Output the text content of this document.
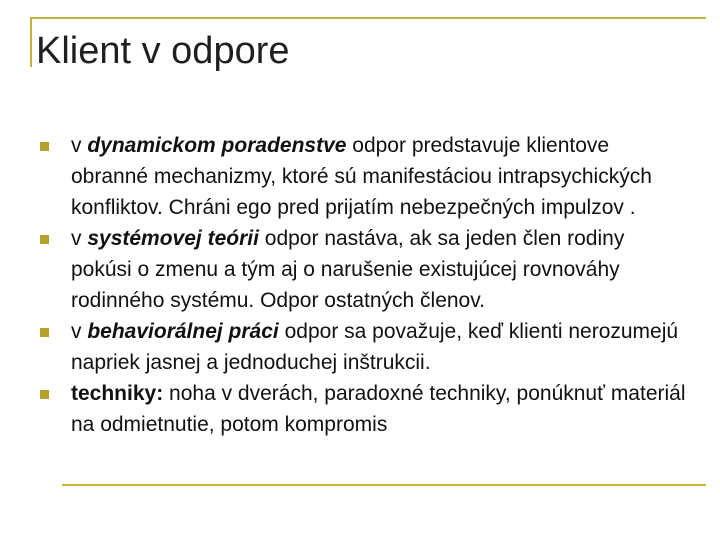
Klient v odpore
v dynamickom poradenstve odpor predstavuje klientove obranné mechanizmy, ktoré sú manifestáciou intrapsychických konfliktov. Chráni ego pred prijatím nebezpečných impulzov .
v systémovej teórii odpor nastáva, ak sa jeden člen rodiny pokúsi o zmenu a tým aj o narušenie existujúcej rovnováhy rodinného systému. Odpor ostatných členov.
v behaviorálnej práci odpor sa považuje, keď klienti nerozumejú napriek jasnej a jednoduchej inštrukcii.
techniky: noha v dverách, paradoxné techniky, ponúknuť materiál na odmietnutie, potom kompromis
